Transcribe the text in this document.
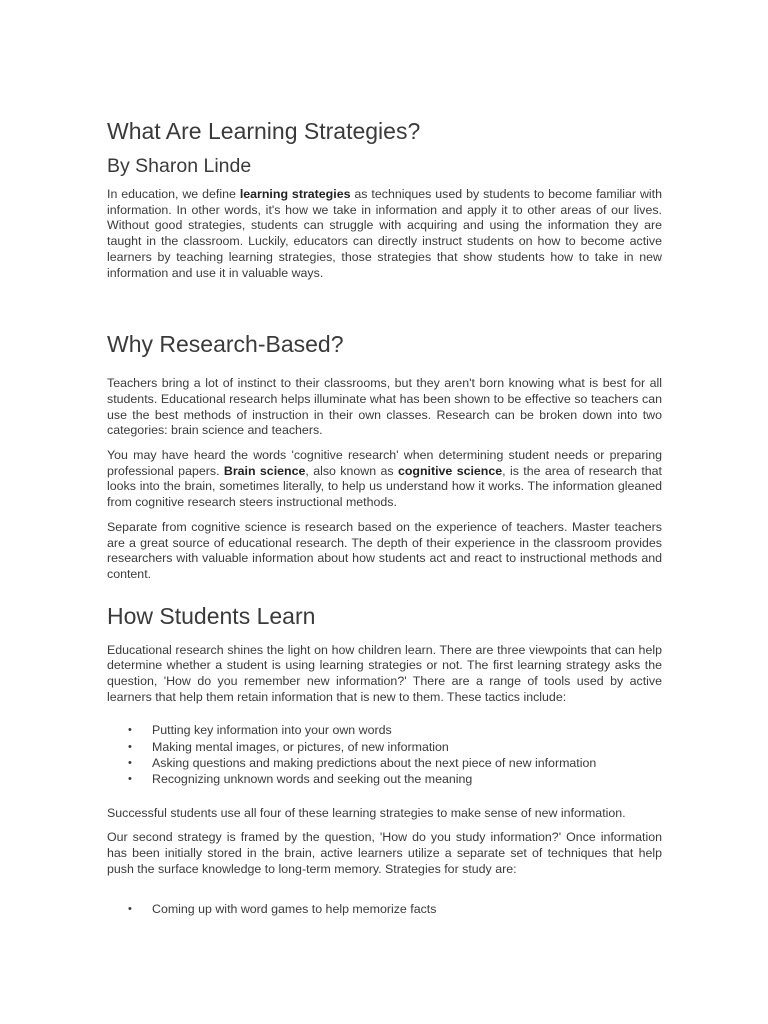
What Are Learning Strategies?
By Sharon Linde

In education, we define learning strategies as techniques used by students to become familiar with information. In other words, it's how we take in information and apply it to other areas of our lives. Without good strategies, students can struggle with acquiring and using the information they are taught in the classroom. Luckily, educators can directly instruct students on how to become active learners by teaching learning strategies, those strategies that show students how to take in new information and use it in valuable ways.

Why Research-Based?

Teachers bring a lot of instinct to their classrooms, but they aren't born knowing what is best for all students. Educational research helps illuminate what has been shown to be effective so teachers can use the best methods of instruction in their own classes. Research can be broken down into two categories: brain science and teachers.

You may have heard the words 'cognitive research' when determining student needs or preparing professional papers. Brain science, also known as cognitive science, is the area of research that looks into the brain, sometimes literally, to help us understand how it works. The information gleaned from cognitive research steers instructional methods.

Separate from cognitive science is research based on the experience of teachers. Master teachers are a great source of educational research. The depth of their experience in the classroom provides researchers with valuable information about how students act and react to instructional methods and content.

How Students Learn

Educational research shines the light on how children learn. There are three viewpoints that can help determine whether a student is using learning strategies or not. The first learning strategy asks the question, 'How do you remember new information?' There are a range of tools used by active learners that help them retain information that is new to them. These tactics include:

• Putting key information into your own words
• Making mental images, or pictures, of new information
• Asking questions and making predictions about the next piece of new information
• Recognizing unknown words and seeking out the meaning

Successful students use all four of these learning strategies to make sense of new information.

Our second strategy is framed by the question, 'How do you study information?' Once information has been initially stored in the brain, active learners utilize a separate set of techniques that help push the surface knowledge to long-term memory. Strategies for study are:

• Coming up with word games to help memorize facts
